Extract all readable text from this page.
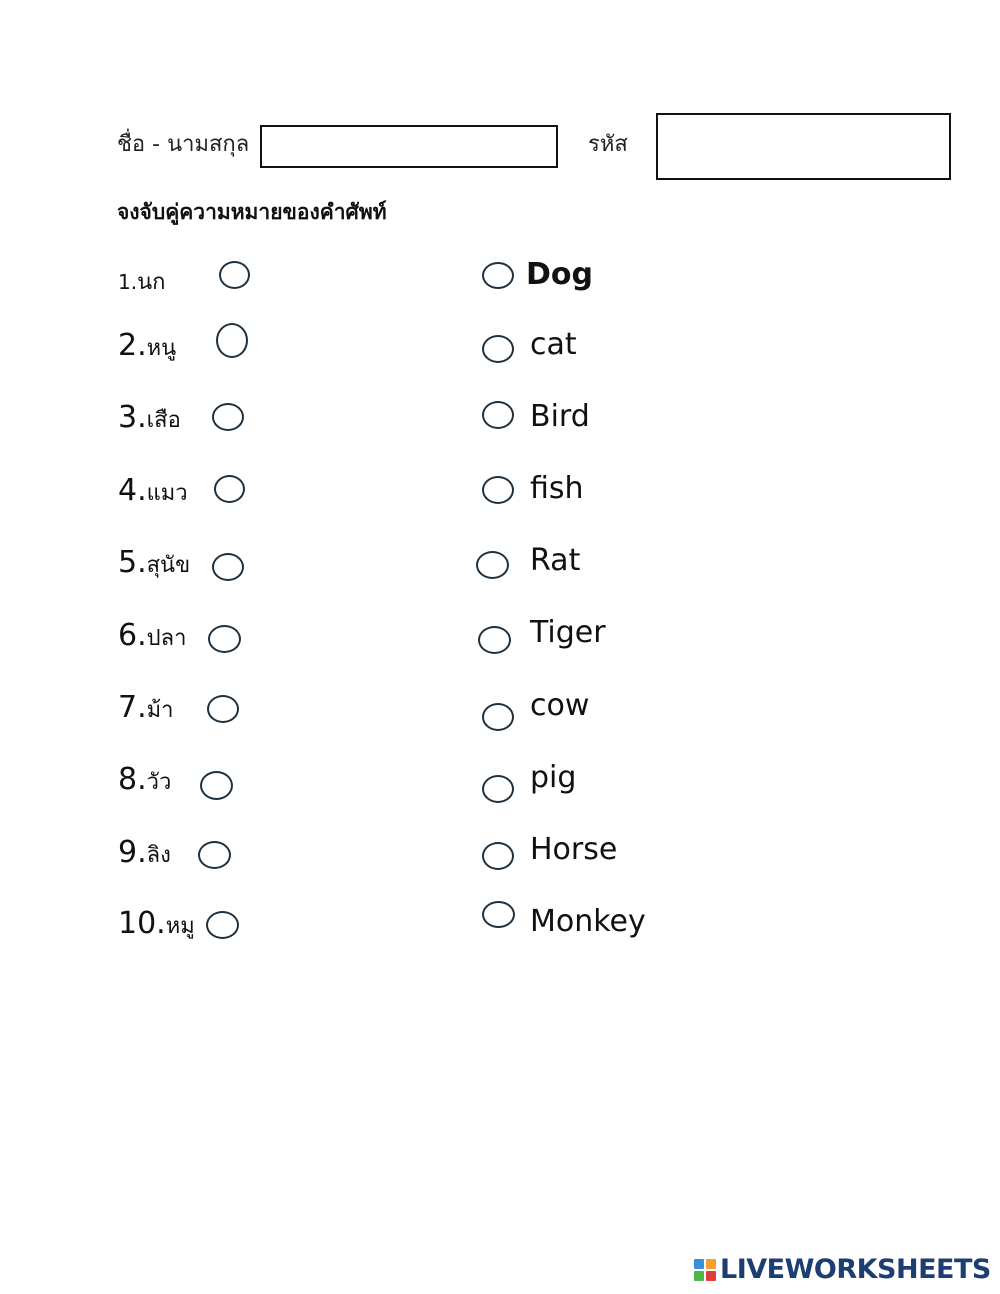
ชื่อ - นามสกุล	รหัส
จงจับคู่ความหมายของคำศัพท์
1.นก
2.หนู
3.เสือ
4.แมว
5.สุนัข
6.ปลา
7.ม้า
8.วัว
9.ลิง
10.หมู
Dog
cat
Bird
fish
Rat
Tiger
cow
pig
Horse
Monkey
LIVEWORKSHEETS
